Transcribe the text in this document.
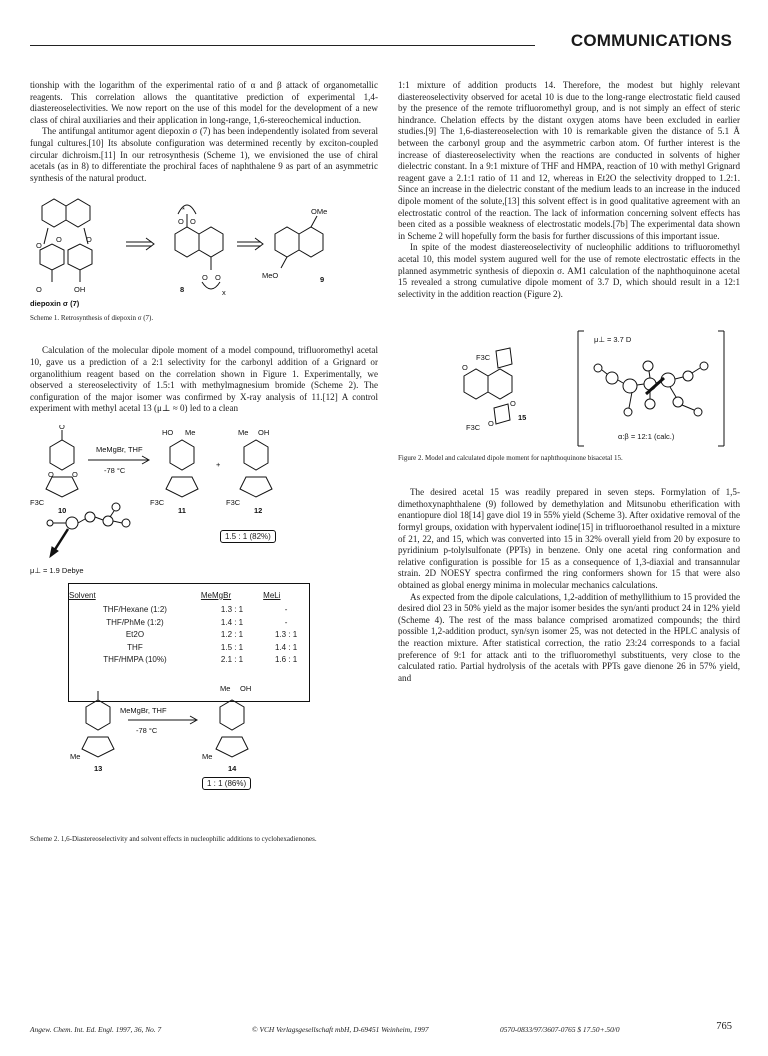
COMMUNICATIONS

tionship with the logarithm of the experimental ratio of α and β attack of organometallic reagents. This correlation allows the quantitative prediction of experimental 1,4-diastereoselectivities. We now report on the use of this model for the development of a new class of chiral auxiliaries and their application in long-range, 1,6-stereochemical induction.

The antifungal antitumor agent diepoxin σ (7) has been independently isolated from several fungal cultures.[10] Its absolute configuration was determined recently by exciton-coupled circular dichroism.[11] In our retrosynthesis (Scheme 1), we envisioned the use of chiral acetals (as in 8) to differentiate the prochiral faces of naphthalene 9 as part of an asymmetric synthesis of the natural product.

O
O	O
O	OH
*
O O
O O
x
8
OMe
MeO	9
diepoxin σ (7)

Scheme 1. Retrosynthesis of diepoxin σ (7).

Calculation of the molecular dipole moment of a model compound, trifluoromethyl acetal 10, gave us a prediction of a 2:1 selectivity for the carbonyl addition of a Grignard or organolithium reagent based on the correlation shown in Figure 1. Experimentally, we observed a stereoselectivity of 1.5:1 with methylmagnesium bromide (Scheme 2). The configuration of the major isomer was confirmed by X-ray analysis of 11.[12] A control experiment with methyl acetal 13 (μ⊥ ≈ 0) led to a clean

O
O O
F3C
10
MeMgBr, THF
-78 °C
HO Me
F3C
11
+
Me OH
F3C
12
μ⊥ = 1.9 Debye
MeMgBr, THF
-78 °C
Me
13
Me OH
Me
14
1.5 : 1 (82%)
Solvent	MeMgBr	MeLi
THF/Hexane (1:2)	1.3 : 1	-
THF/PhMe (1:2)	1.4 : 1	-
Et2O	1.2 : 1	1.3 : 1
THF	1.5 : 1	1.4 : 1
THF/HMPA (10%)	2.1 : 1	1.6 : 1
1 : 1 (86%)

Scheme 2. 1,6-Diastereoselectivity and solvent effects in nucleophilic additions to cyclohexadienones.

1:1 mixture of addition products 14. Therefore, the modest but highly relevant diastereoselectivity observed for acetal 10 is due to the long-range electrostatic field caused by the presence of the remote trifluoromethyl group, and is not simply an effect of steric hindrance. Chelation effects by the distant oxygen atoms have been excluded in earlier studies.[9] The 1,6-diastereoselection with 10 is remarkable given the distance of 5.1 Å between the carbonyl group and the asymmetric carbon atom. Of further interest is the increase of diastereoselectivity when the reactions are conducted in solvents of higher dielectric constant. In a 9:1 mixture of THF and HMPA, reaction of 10 with methyl Grignard reagent gave a 2.1:1 ratio of 11 and 12, whereas in Et2O the selectivity dropped to 1.2:1. Since an increase in the dielectric constant of the medium leads to an increase in the induced dipole moment of the solute,[13] this solvent effect is in good qualitative agreement with an electrostatic control of the reaction. The lack of information concerning solvent effects has been cited as a possible weakness of electrostatic models.[7b] The experimental data shown in Scheme 2 will hopefully form the basis for further discussions of this important issue.

In spite of the modest diastereoselectivity of nucleophilic additions to trifluoromethyl acetal 10, this model system augured well for the use of remote electrostatic effects in the planned asymmetric synthesis of diepoxin σ. AM1 calculation of the naphthoquinone acetal 15 revealed a strong cumulative dipole moment of 3.7 D, which should result in a 12:1 selectivity in the addition reaction (Figure 2).

μ⊥ = 3.7 D
F3C
F3C O
O
O
15
α:β = 12:1 (calc.)

Figure 2. Model and calculated dipole moment for naphthoquinone bisacetal 15.

The desired acetal 15 was readily prepared in seven steps. Formylation of 1,5-dimethoxynaphthalene (9) followed by demethylation and Mitsunobu etherification with enantiopure diol 18[14] gave diol 19 in 55% yield (Scheme 3). After oxidative removal of the formyl groups, oxidation with hypervalent iodine[15] in trifluoroethanol resulted in a mixture of 21, 22, and 15, which was converted into 15 in 32% overall yield from 20 by exposure to pyridinium p-tolylsulfonate (PPTs) in benzene. Only one acetal ring conformation and relative configuration is possible for 15 as a consequence of 1,3-diaxial and transannular strain. 2D NOESY spectra confirmed the ring conformers shown for 15 that were also obtained as global energy minima in molecular mechanics calculations.

As expected from the dipole calculations, 1,2-addition of methyllithium to 15 provided the desired diol 23 in 50% yield as the major isomer besides the syn/anti product 24 in 12% yield (Scheme 4). The rest of the mass balance comprised aromatized compounds; the third possible 1,2-addition product, syn/syn isomer 25, was not detected in the HPLC analysis of the reaction mixture. After statistical correction, the ratio 23:24 corresponds to a facial preference of 9:1 for attack anti to the trifluoromethyl substituents, very close to the calculated ratio. Partial hydrolysis of the acetals with PPTs gave dienone 26 in 57% yield, and

Angew. Chem. Int. Ed. Engl. 1997, 36, No. 7	© VCH Verlagsgesellschaft mbH, D-69451 Weinheim, 1997	0570-0833/97/3607-0765 $ 17.50+.50/0	765
